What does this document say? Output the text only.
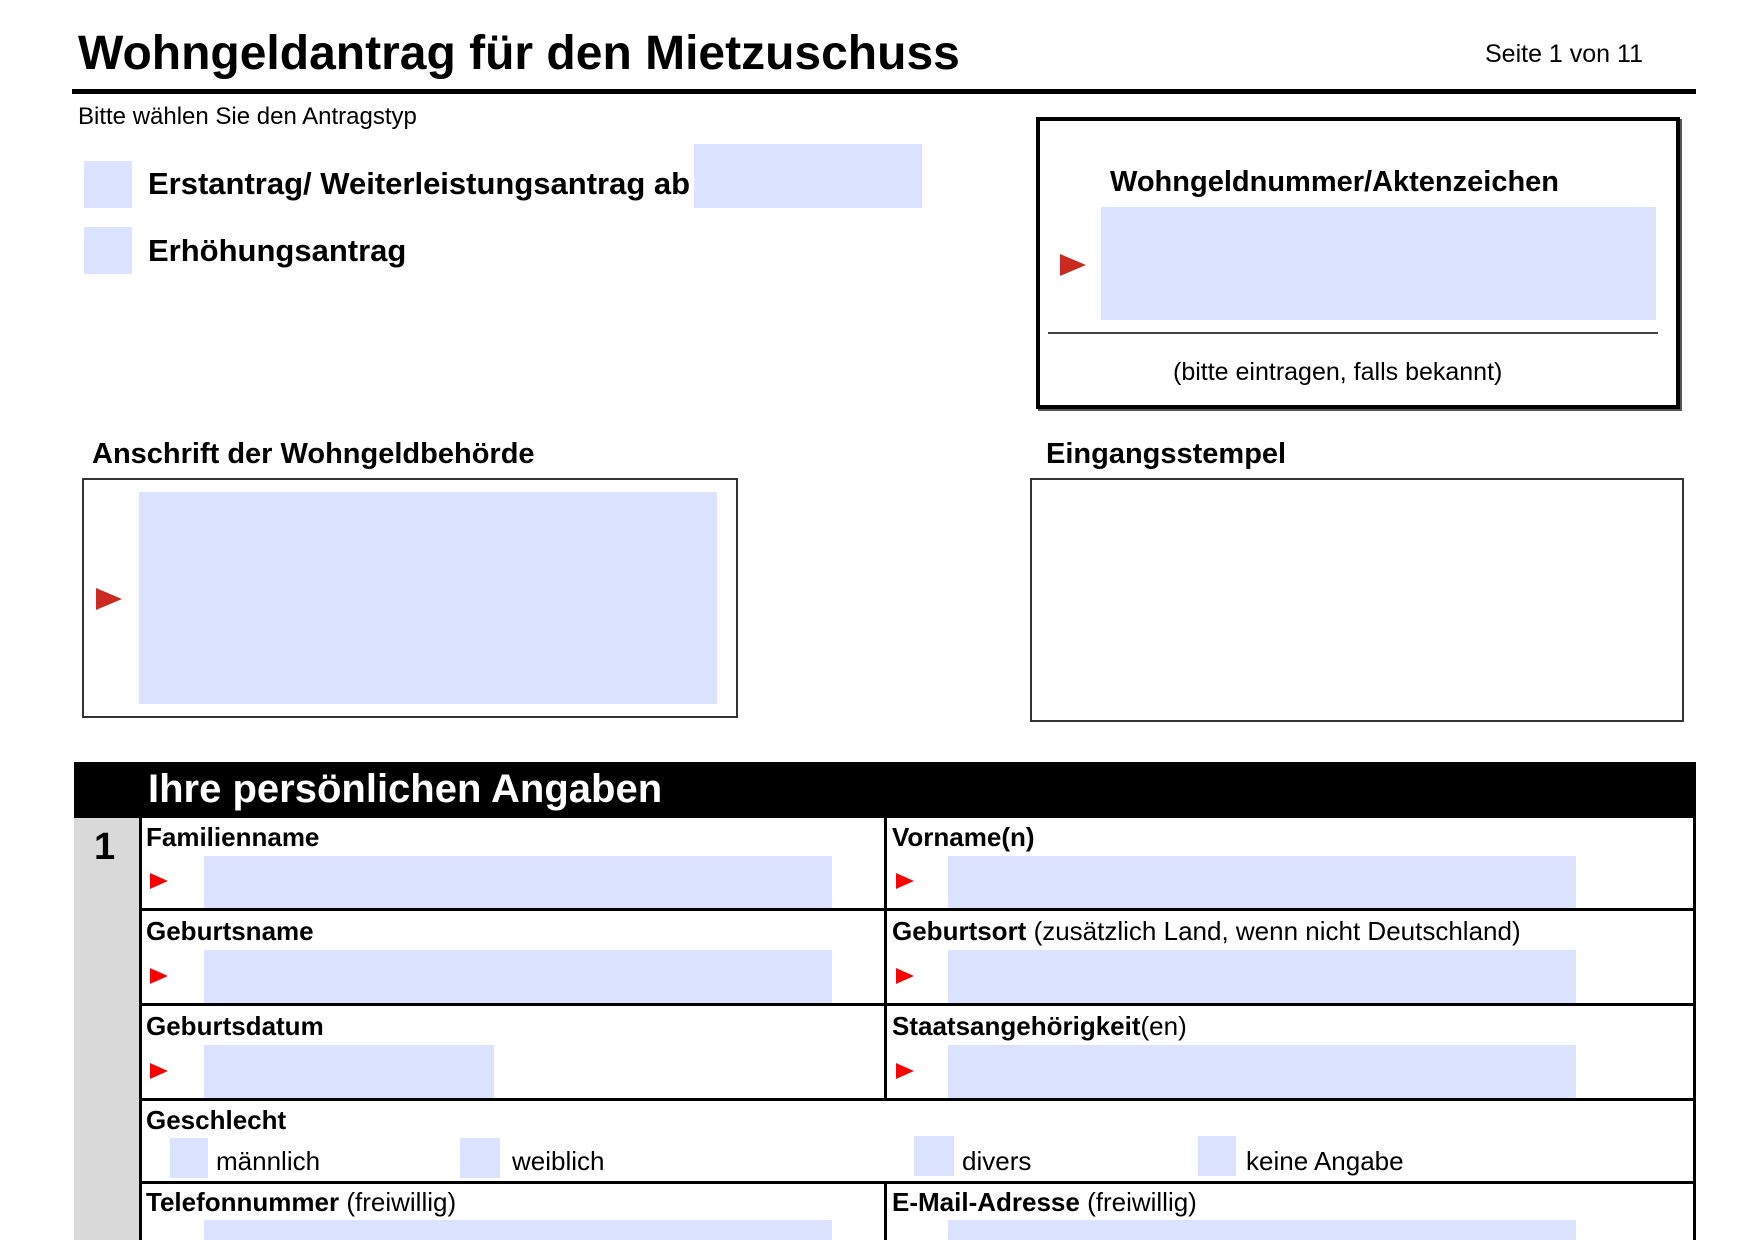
Wohngeldantrag für den Mietzuschuss	Seite 1 von 11
Bitte wählen Sie den Antragstyp
Erstantrag/ Weiterleistungsantrag ab
Erhöhungsantrag
Wohngeldnummer/Aktenzeichen
(bitte eintragen, falls bekannt)
Anschrift der Wohngeldbehörde	Eingangsstempel
Ihre persönlichen Angaben
1 Familienname	Vorname(n)
Geburtsname	Geburtsort (zusätzlich Land, wenn nicht Deutschland)
Geburtsdatum	Staatsangehörigkeit(en)
Geschlecht
männlich	weiblich	divers	keine Angabe
Telefonnummer (freiwillig)	E-Mail-Adresse (freiwillig)
